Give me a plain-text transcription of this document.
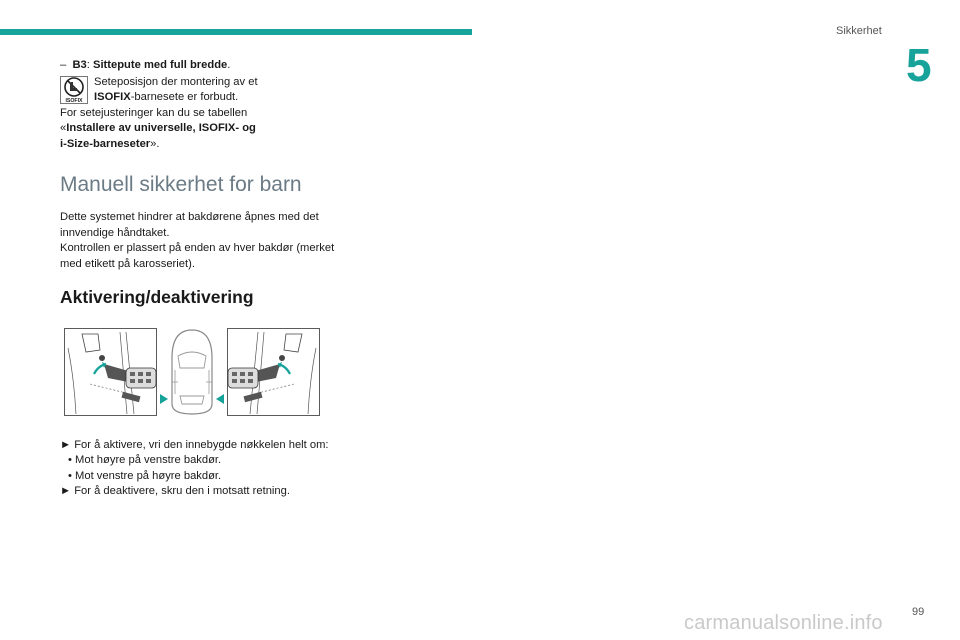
Sikkerhet
5

– B3: Sittepute med full bredde.

ISOFIX
Seteposisjon der montering av et
ISOFIX-barnesete er forbudt.

For setejusteringer kan du se tabellen
«Installere av universelle, ISOFIX- og
i-Size-barneseter».

Manuell sikkerhet for barn

Dette systemet hindrer at bakdørene åpnes med det innvendige håndtaket.

Kontrollen er plassert på enden av hver bakdør (merket med etikett på karosseriet).

Aktivering/deaktivering

► For å aktivere, vri den innebygde nøkkelen helt om:

• Mot høyre på venstre bakdør.
• Mot venstre på høyre bakdør.

► For å deaktivere, skru den i motsatt retning.

carmanualsonline.info	99
